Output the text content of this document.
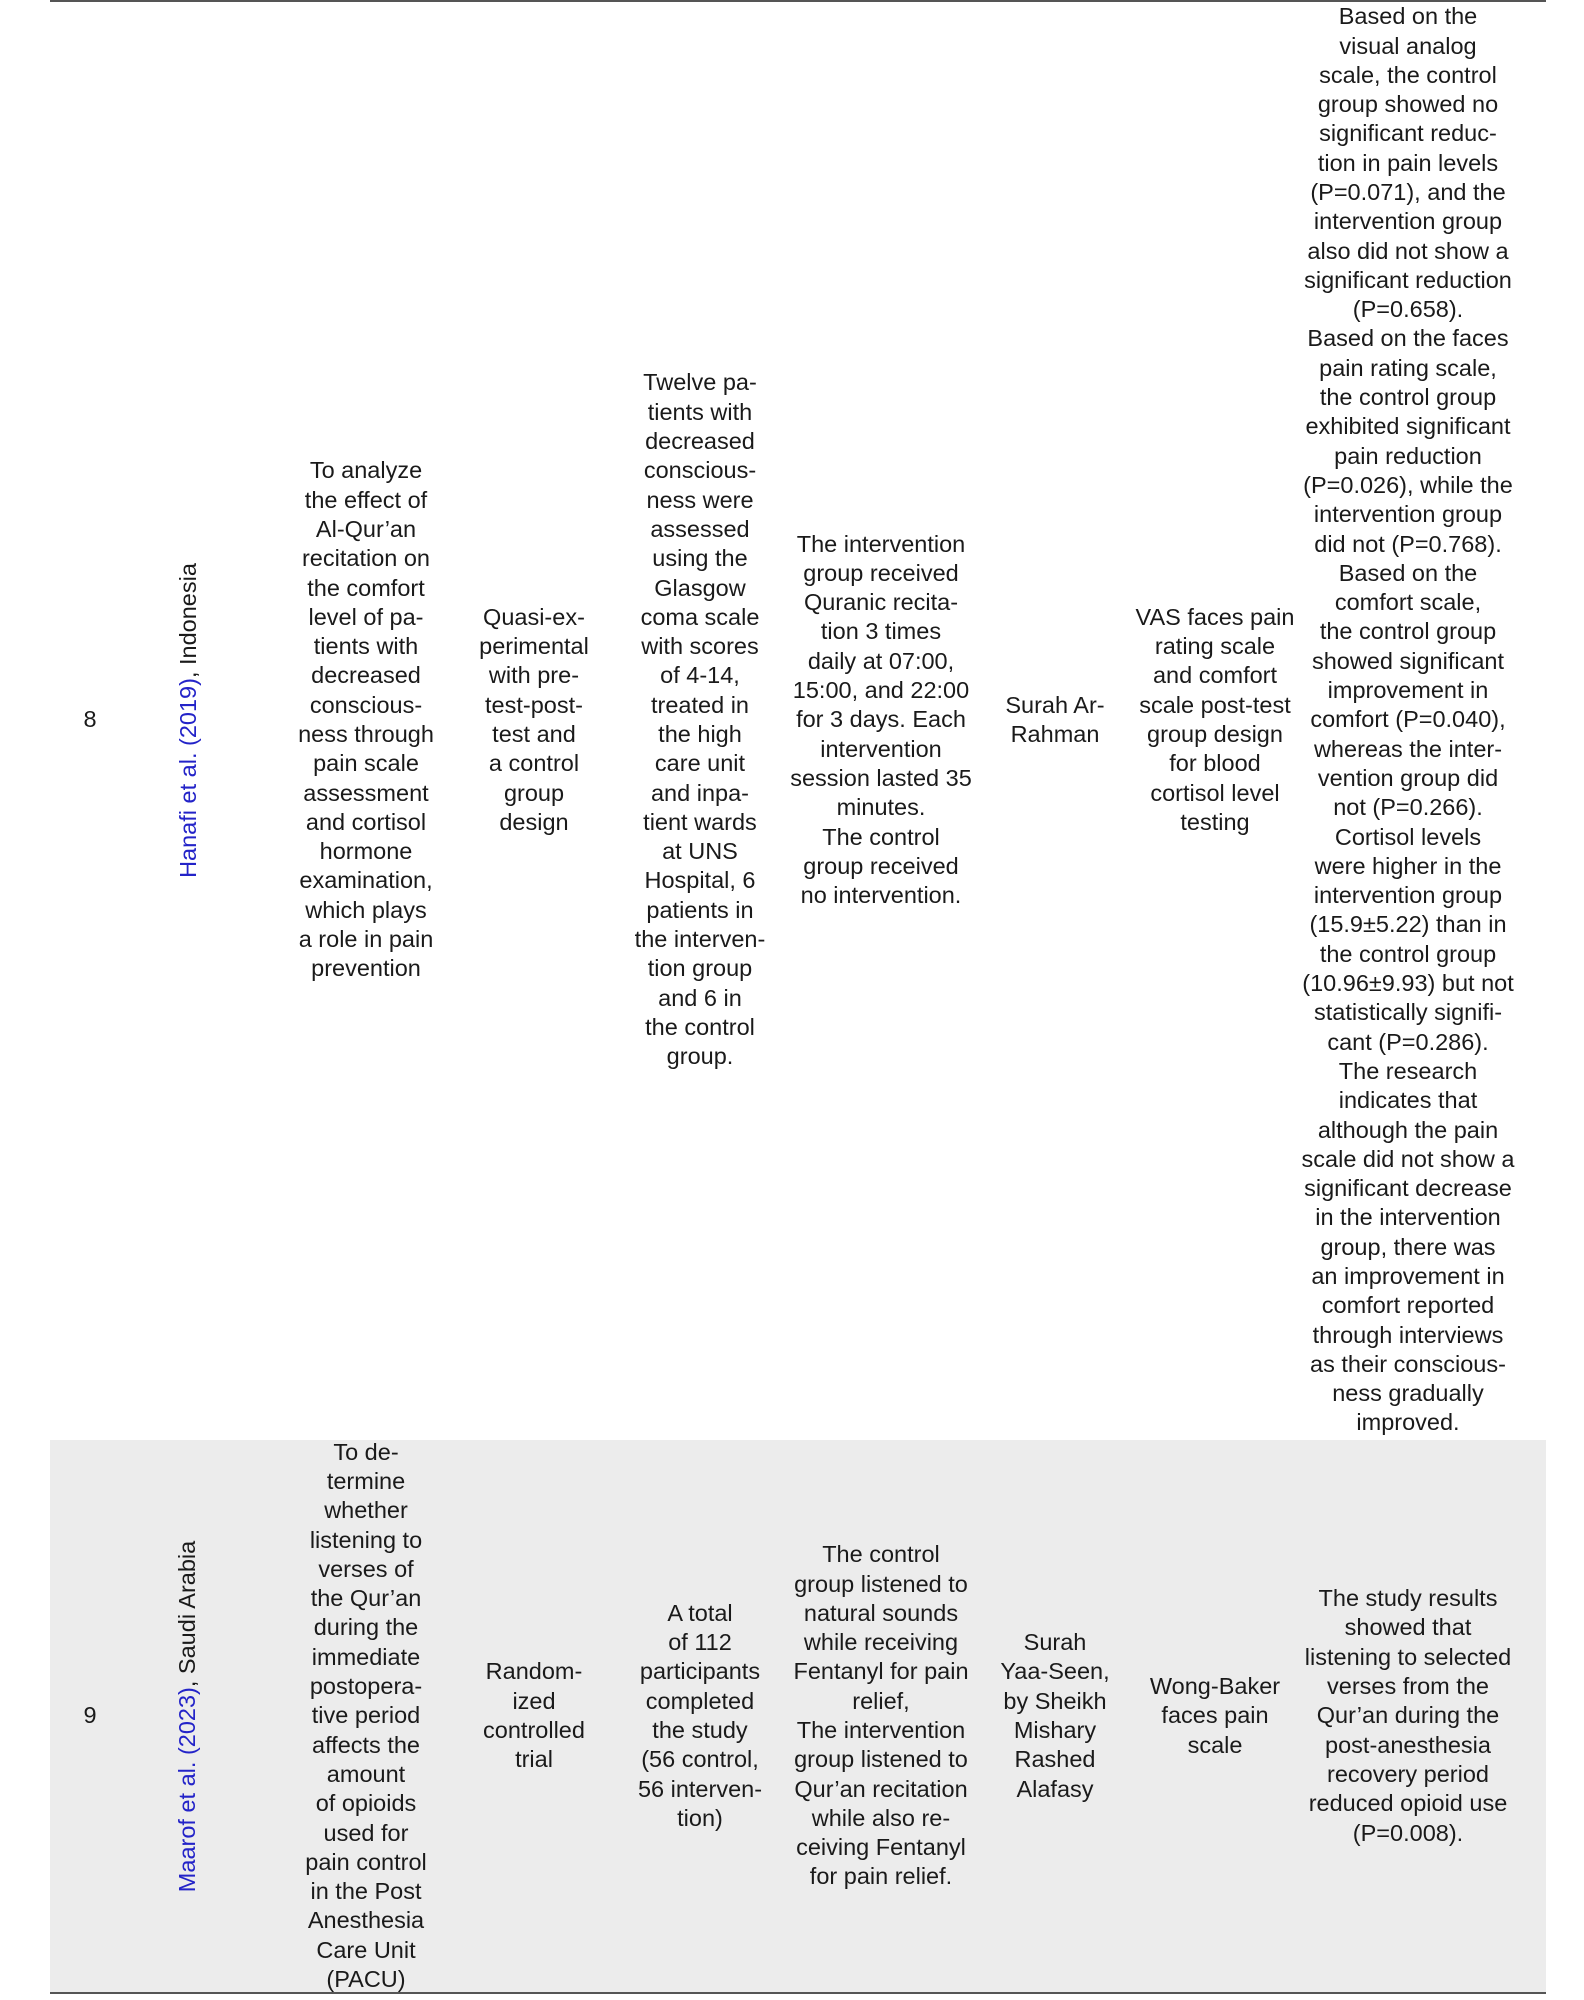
8	Hanafi et al. (2019), Indonesia
To analyze
the effect of
Al-Qur’an
recitation on
the comfort
level of pa-
tients with
decreased
conscious-
ness through
pain scale
assessment
and cortisol
hormone
examination,
which plays
a role in pain
prevention
Quasi-ex-
perimental
with pre-
test-post-
test and
a control
group
design
Twelve pa-
tients with
decreased
conscious-
ness were
assessed
using the
Glasgow
coma scale
with scores
of 4-14,
treated in
the high
care unit
and inpa-
tient wards
at UNS
Hospital, 6
patients in
the interven-
tion group
and 6 in
the control
group.
The intervention
group received
Quranic recita-
tion 3 times
daily at 07:00,
15:00, and 22:00
for 3 days. Each
intervention
session lasted 35
minutes.
The control
group received
no intervention.
Surah Ar-
Rahman
VAS faces pain
rating scale
and comfort
scale post-test
group design
for blood
cortisol level
testing
Based on the
visual analog
scale, the control
group showed no
significant reduc-
tion in pain levels
(P=0.071), and the
intervention group
also did not show a
significant reduction
(P=0.658).
Based on the faces
pain rating scale,
the control group
exhibited significant
pain reduction
(P=0.026), while the
intervention group
did not (P=0.768).
Based on the
comfort scale,
the control group
showed significant
improvement in
comfort (P=0.040),
whereas the inter-
vention group did
not (P=0.266).
Cortisol levels
were higher in the
intervention group
(15.9±5.22) than in
the control group
(10.96±9.93) but not
statistically signifi-
cant (P=0.286).
The research
indicates that
although the pain
scale did not show a
significant decrease
in the intervention
group, there was
an improvement in
comfort reported
through interviews
as their conscious-
ness gradually
improved.
9	Maarof et al. (2023), Saudi Arabia
To de-
termine
whether
listening to
verses of
the Qur’an
during the
immediate
postopera-
tive period
affects the
amount
of opioids
used for
pain control
in the Post
Anesthesia
Care Unit
(PACU)
Random-
ized
controlled
trial
A total
of 112
participants
completed
the study
(56 control,
56 interven-
tion)
The control
group listened to
natural sounds
while receiving
Fentanyl for pain
relief,
The intervention
group listened to
Qur’an recitation
while also re-
ceiving Fentanyl
for pain relief.
Surah
Yaa-Seen,
by Sheikh
Mishary
Rashed
Alafasy
Wong-Baker
faces pain
scale
The study results
showed that
listening to selected
verses from the
Qur’an during the
post-anesthesia
recovery period
reduced opioid use
(P=0.008).
